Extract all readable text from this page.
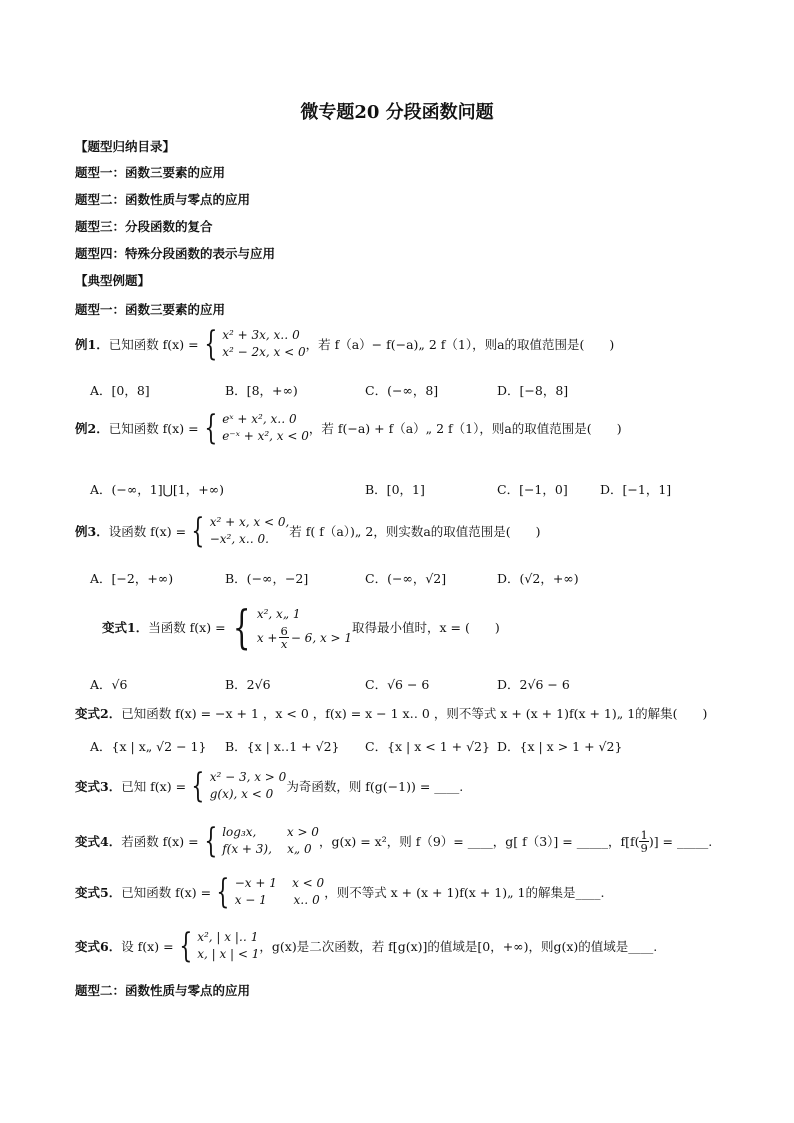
微专题20 分段函数问题
【题型归纳目录】
题型一：函数三要素的应用
题型二：函数性质与零点的应用
题型三：分段函数的复合
题型四：特殊分段函数的表示与应用
【典型例题】
题型一：函数三要素的应用
例1． 已知函数 f(x) = { x² + 3x, x‥ 0
x² − 2x, x < 0 ，若 f（a）− f(−a)„ 2 f（1），则a的取值范围是(　　)
A．[0，8]	B．[8，+∞)	C．(−∞，8]	D．[−8，8]
例2． 已知函数 f(x) = { eˣ + x², x‥ 0
e⁻ˣ + x², x < 0 ，若 f(−a) + f（a）„ 2 f（1），则a的取值范围是(　　)
A．(−∞，1]⋃[1，+∞)	B．[0，1]	C．[−1，0]	D．[−1，1]
例3． 设函数 f(x) = { x² + x, x < 0,
−x², x‥ 0.	若 f( f（a）)„ 2，则实数a的取值范围是(　　)
A．[−2，+∞)	B．(−∞，−2]	C．(−∞，√2]	D．(√2，+∞)
变式1． 当函数 f(x) = { x², x„ 1
$x + \frac{6}{x} - 6$, x > 1
取得最小值时，x = (　　)
A．√6	B．2√6	C．√6 − 6	D．2√6 − 6
变式2． 已知函数 f(x) = −x + 1 ，x < 0 ，f(x) = x − 1 x‥ 0 ，则不等式 x + (x + 1)f(x + 1)„ 1的解集(　　)
A．{x | x„ √2 − 1} B．{x | x‥1 + √2} C．{x | x < 1 + √2} D．{x | x > 1 + √2}
变式3． 已知 f(x) = { x² − 3, x > 0
g(x), x < 0	为奇函数，则 f(g(−1)) = ____.
变式4． 若函数 f(x) = { log₃x,        x > 0
f(x + 3),    x„ 0 ，g(x) = x²，则 f（9）= ____，g[ f（3）] = _____，$f[f( \frac{1}{9}$ )] = _____.
变式5． 已知函数 f(x) = { −x + 1    x < 0
x − 1       x‥ 0 ，则不等式 x + (x + 1)f(x + 1)„ 1的解集是____.
变式6． 设 f(x) = { x², | x |‥ 1
x, | x | < 1 ，g(x)是二次函数，若 f[g(x)]的值域是[0，+∞)，则g(x)的值域是____.
题型二：函数性质与零点的应用
